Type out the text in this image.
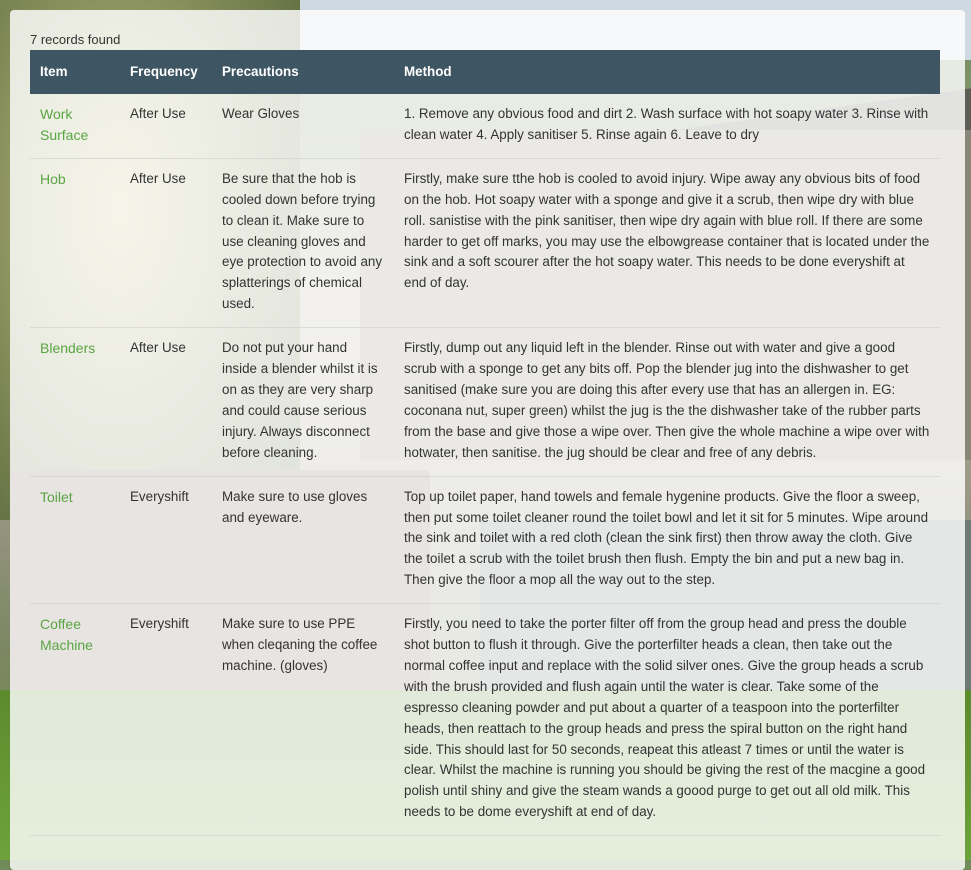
7 records found
Item	Frequency	Precautions	Method
Work Surface	After Use	Wear Gloves	1. Remove any obvious food and dirt 2. Wash surface with hot soapy water 3. Rinse with clean water 4. Apply sanitiser 5. Rinse again 6. Leave to dry
Hob	After Use	Be sure that the hob is cooled down before trying to clean it. Make sure to use cleaning gloves and eye protection to avoid any splatterings of chemical used.	Firstly, make sure tthe hob is cooled to avoid injury. Wipe away any obvious bits of food on the hob. Hot soapy water with a sponge and give it a scrub, then wipe dry with blue roll. sanistise with the pink sanitiser, then wipe dry again with blue roll. If there are some harder to get off marks, you may use the elbowgrease container that is located under the sink and a soft scourer after the hot soapy water. This needs to be done everyshift at end of day.
Blenders	After Use	Do not put your hand inside a blender whilst it is on as they are very sharp and could cause serious injury. Always disconnect before cleaning.	Firstly, dump out any liquid left in the blender. Rinse out with water and give a good scrub with a sponge to get any bits off. Pop the blender jug into the dishwasher to get sanitised (make sure you are doing this after every use that has an allergen in. EG: coconana nut, super green) whilst the jug is the the dishwasher take of the rubber parts from the base and give those a wipe over. Then give the whole machine a wipe over with hotwater, then sanitise. the jug should be clear and free of any debris.
Toilet	Everyshift	Make sure to use gloves and eyeware.	Top up toilet paper, hand towels and female hygenine products. Give the floor a sweep, then put some toilet cleaner round the toilet bowl and let it sit for 5 minutes. Wipe around the sink and toilet with a red cloth (clean the sink first) then throw away the cloth. Give the toilet a scrub with the toilet brush then flush. Empty the bin and put a new bag in. Then give the floor a mop all the way out to the step.
Coffee Machine	Everyshift	Make sure to use PPE when cleqaning the coffee machine. (gloves)	Firstly, you need to take the porter filter off from the group head and press the double shot button to flush it through. Give the porterfilter heads a clean, then take out the normal coffee input and replace with the solid silver ones. Give the group heads a scrub with the brush provided and flush again until the water is clear. Take some of the espresso cleaning powder and put about a quarter of a teaspoon into the porterfilter heads, then reattach to the group heads and press the spiral button on the right hand side. This should last for 50 seconds, reapeat this atleast 7 times or until the water is clear. Whilst the machine is running you should be giving the rest of the macgine a good polish until shiny and give the steam wands a goood purge to get out all old milk. This needs to be dome everyshift at end of day.
